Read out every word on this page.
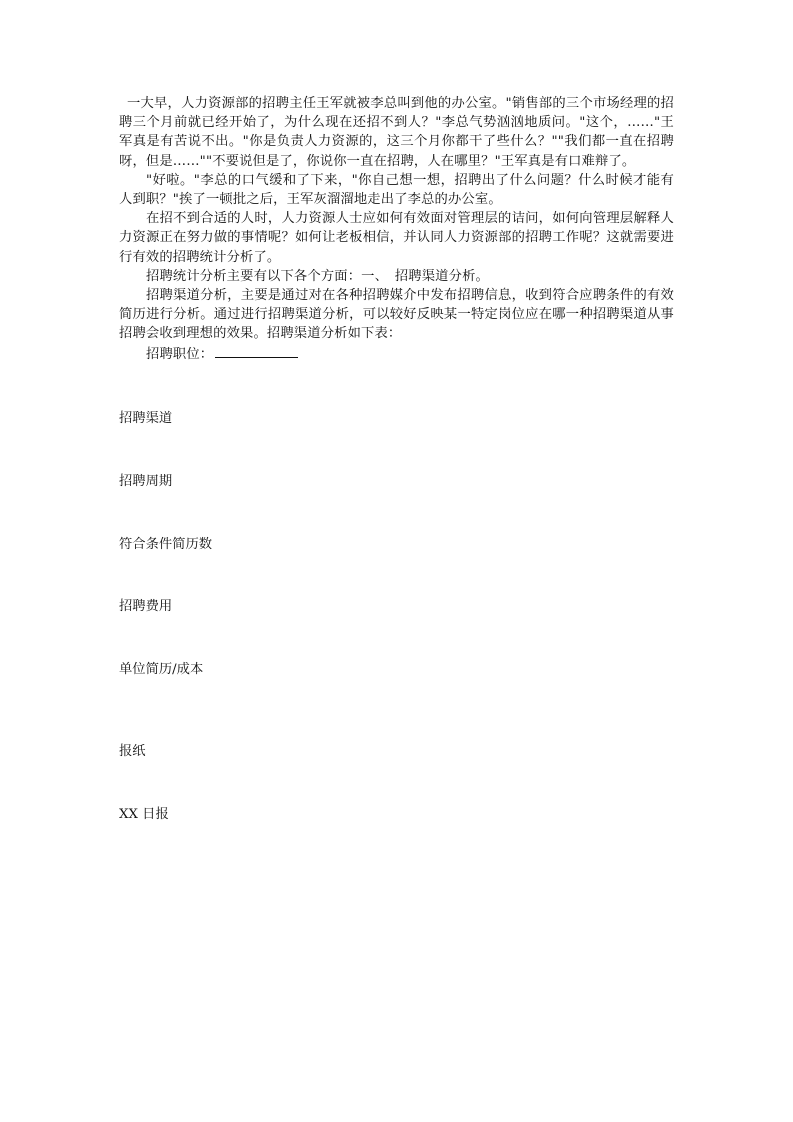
一大早，人力资源部的招聘主任王军就被李总叫到他的办公室。"销售部的三个市场经理的招聘三个月前就已经开始了，为什么现在还招不到人？"李总气势汹汹地质问。"这个，……"王军真是有苦说不出。"你是负责人力资源的，这三个月你都干了些什么？""我们都一直在招聘呀，但是……""不要说但是了，你说你一直在招聘，人在哪里？"王军真是有口难辩了。

"好啦。"李总的口气缓和了下来，"你自己想一想，招聘出了什么问题？什么时候才能有人到职？"挨了一顿批之后，王军灰溜溜地走出了李总的办公室。

在招不到合适的人时，人力资源人士应如何有效面对管理层的诘问，如何向管理层解释人力资源正在努力做的事情呢？如何让老板相信，并认同人力资源部的招聘工作呢？这就需要进行有效的招聘统计分析了。

招聘统计分析主要有以下各个方面：一、　招聘渠道分析。

招聘渠道分析，主要是通过对在各种招聘媒介中发布招聘信息，收到符合应聘条件的有效简历进行分析。通过进行招聘渠道分析，可以较好反映某一特定岗位应在哪一种招聘渠道从事招聘会收到理想的效果。招聘渠道分析如下表：

招聘职位：

招聘渠道
招聘周期
符合条件简历数
招聘费用
单位简历/成本
报纸
XX 日报
